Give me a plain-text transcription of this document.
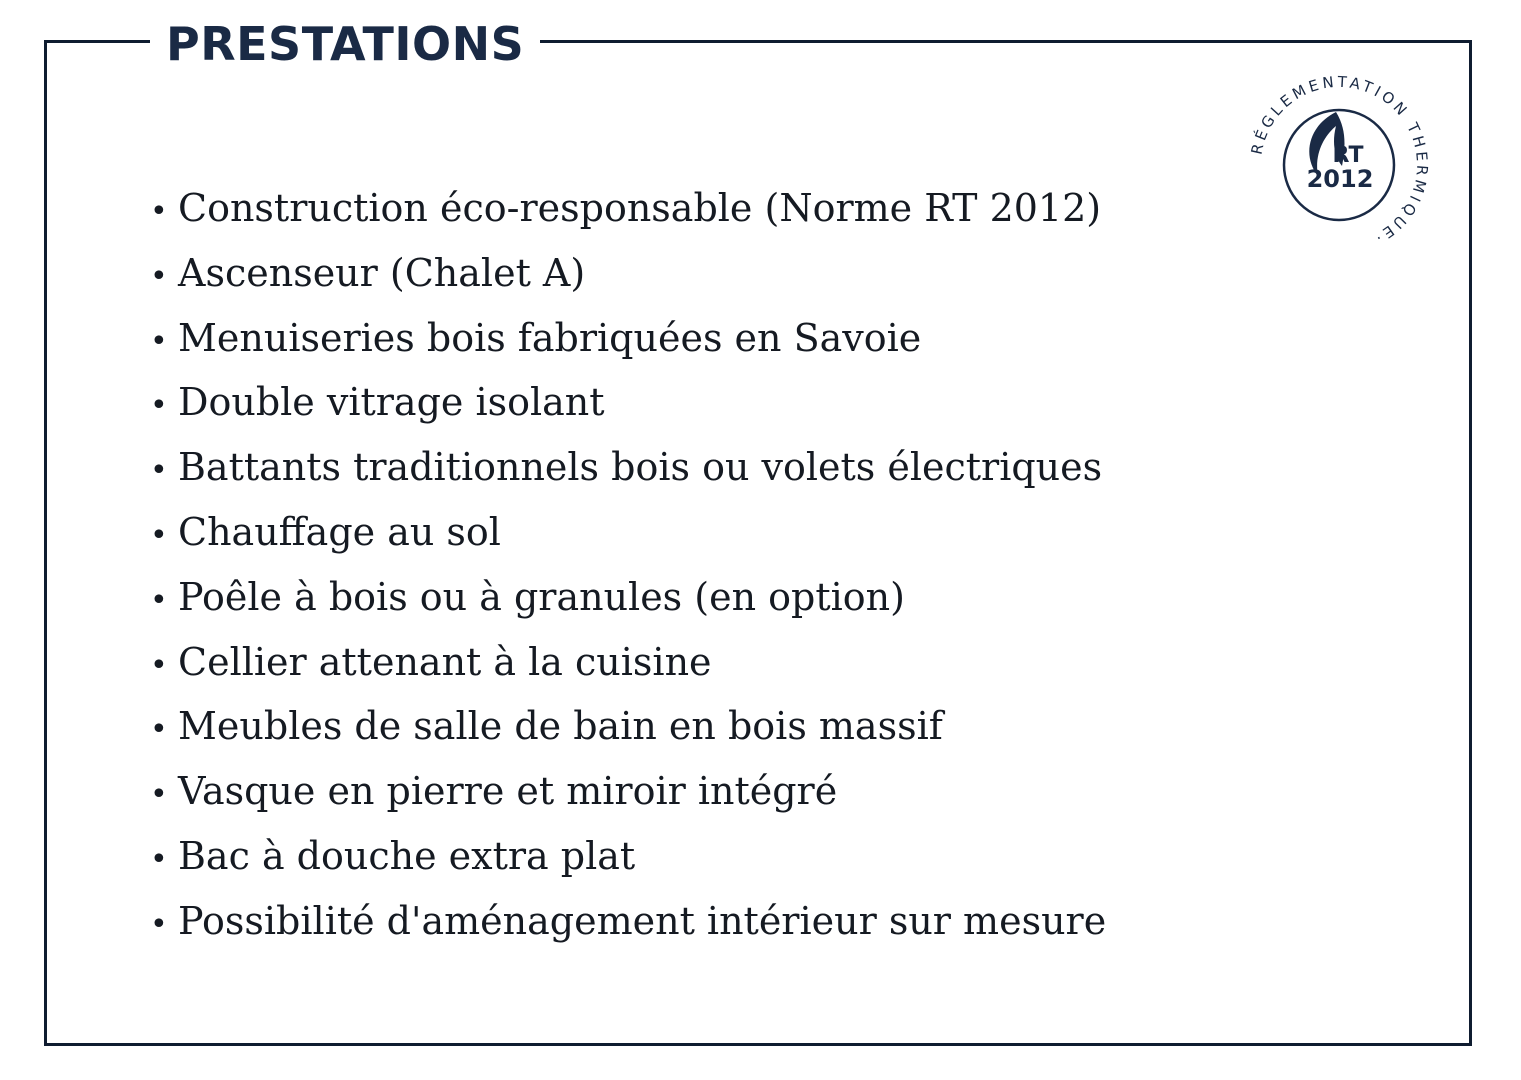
PRESTATIONS
RÉGLEMENTATION THERMIQUE·
RT
2012
• Construction éco-responsable (Norme RT 2012)
• Ascenseur (Chalet A)
• Menuiseries bois fabriquées en Savoie
• Double vitrage isolant
• Battants traditionnels bois ou volets électriques
• Chauffage au sol
• Poêle à bois ou à granules (en option)
• Cellier attenant à la cuisine
• Meubles de salle de bain en bois massif
• Vasque en pierre et miroir intégré
• Bac à douche extra plat
• Possibilité d'aménagement intérieur sur mesure
